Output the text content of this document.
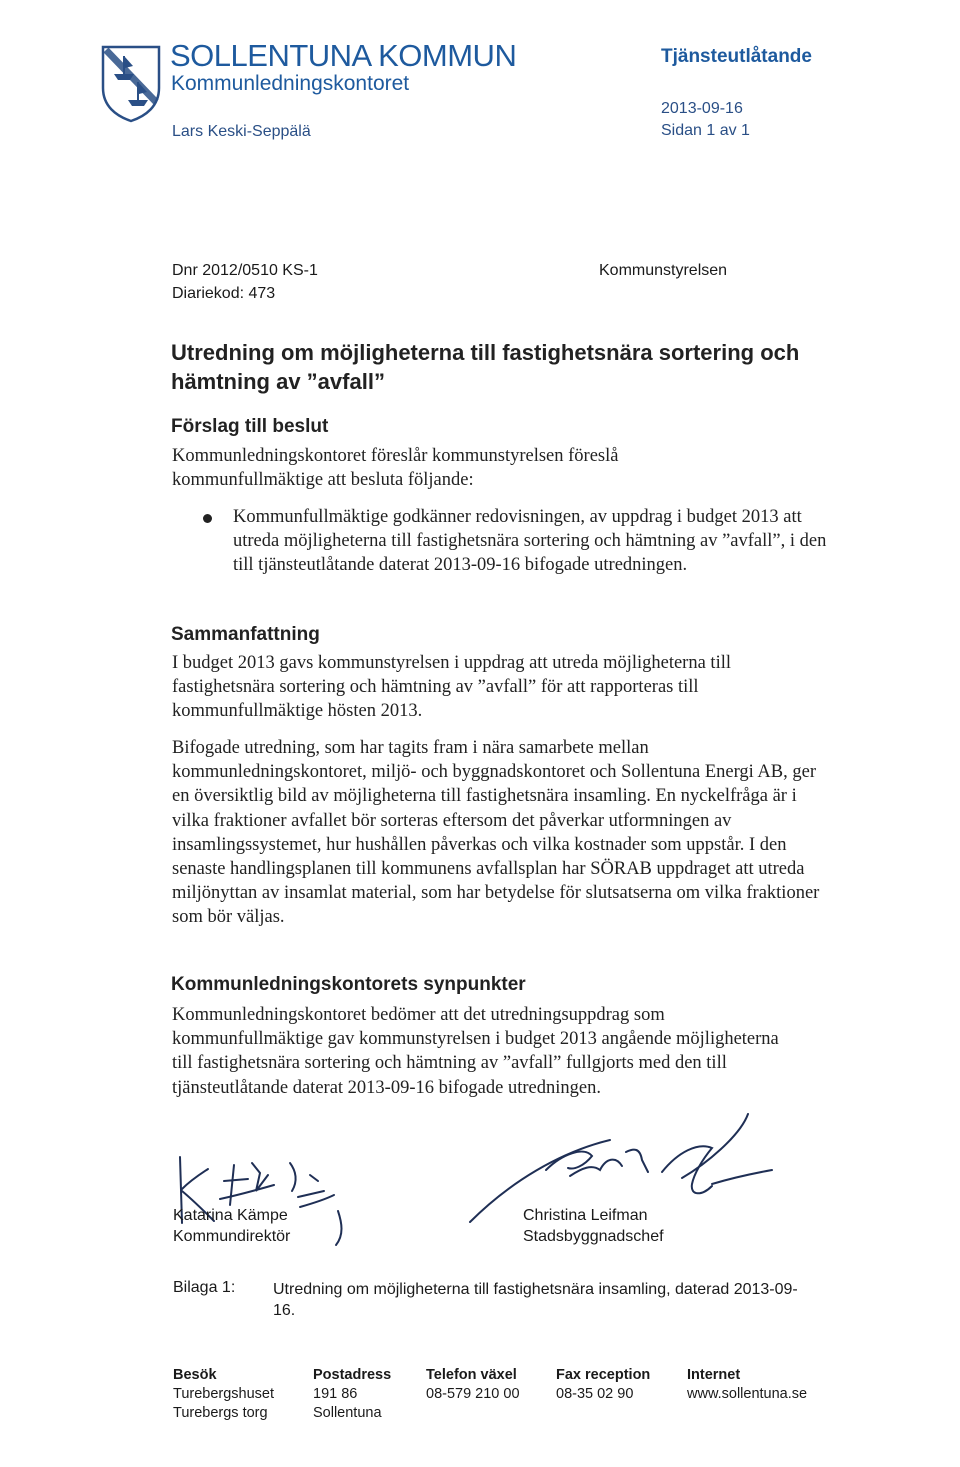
SOLLENTUNA KOMMUN
Kommunledningskontoret
Lars Keski-Seppälä
Tjänsteutlåtande
2013-09-16
Sidan 1 av 1
Dnr 2012/0510 KS-1
Diariekod: 473
Kommunstyrelsen
Utredning om möjligheterna till fastighetsnära sortering och hämtning av ”avfall”
Förslag till beslut
Kommunledningskontoret föreslår kommunstyrelsen föreslå kommunfullmäktige att besluta följande:
Kommunfullmäktige godkänner redovisningen, av uppdrag i budget 2013 att utreda möjligheterna till fastighetsnära sortering och hämtning av ”avfall”, i den till tjänsteutlåtande daterat 2013-09-16 bifogade utredningen.
Sammanfattning
I budget 2013 gavs kommunstyrelsen i uppdrag att utreda möjligheterna till fastighetsnära sortering och hämtning av ”avfall” för att rapporteras till kommunfullmäktige hösten 2013.
Bifogade utredning, som har tagits fram i nära samarbete mellan kommunledningskontoret, miljö- och byggnadskontoret och Sollentuna Energi AB, ger en översiktlig bild av möjligheterna till fastighetsnära insamling. En nyckelfråga är i vilka fraktioner avfallet bör sorteras eftersom det påverkar utformningen av insamlingssystemet, hur hushållen påverkas och vilka kostnader som uppstår. I den senaste handlingsplanen till kommunens avfallsplan har SÖRAB uppdraget att utreda miljönyttan av insamlat material, som har betydelse för slutsatserna om vilka fraktioner som bör väljas.
Kommunledningskontorets synpunkter
Kommunledningskontoret bedömer att det utredningsuppdrag som kommunfullmäktige gav kommunstyrelsen i budget 2013 angående möjligheterna till fastighetsnära sortering och hämtning av ”avfall” fullgjorts med den till tjänsteutlåtande daterat 2013-09-16 bifogade utredningen.
Katarina Kämpe
Kommundirektör
Christina Leifman
Stadsbyggnadschef
Bilaga 1: Utredning om möjligheterna till fastighetsnära insamling, daterad 2013-09-16.
Besök
Turebergshuset
Turebergs torg
Postadress
191 86
Sollentuna
Telefon växel
08-579 210 00
Fax reception
08-35 02 90
Internet
www.sollentuna.se
